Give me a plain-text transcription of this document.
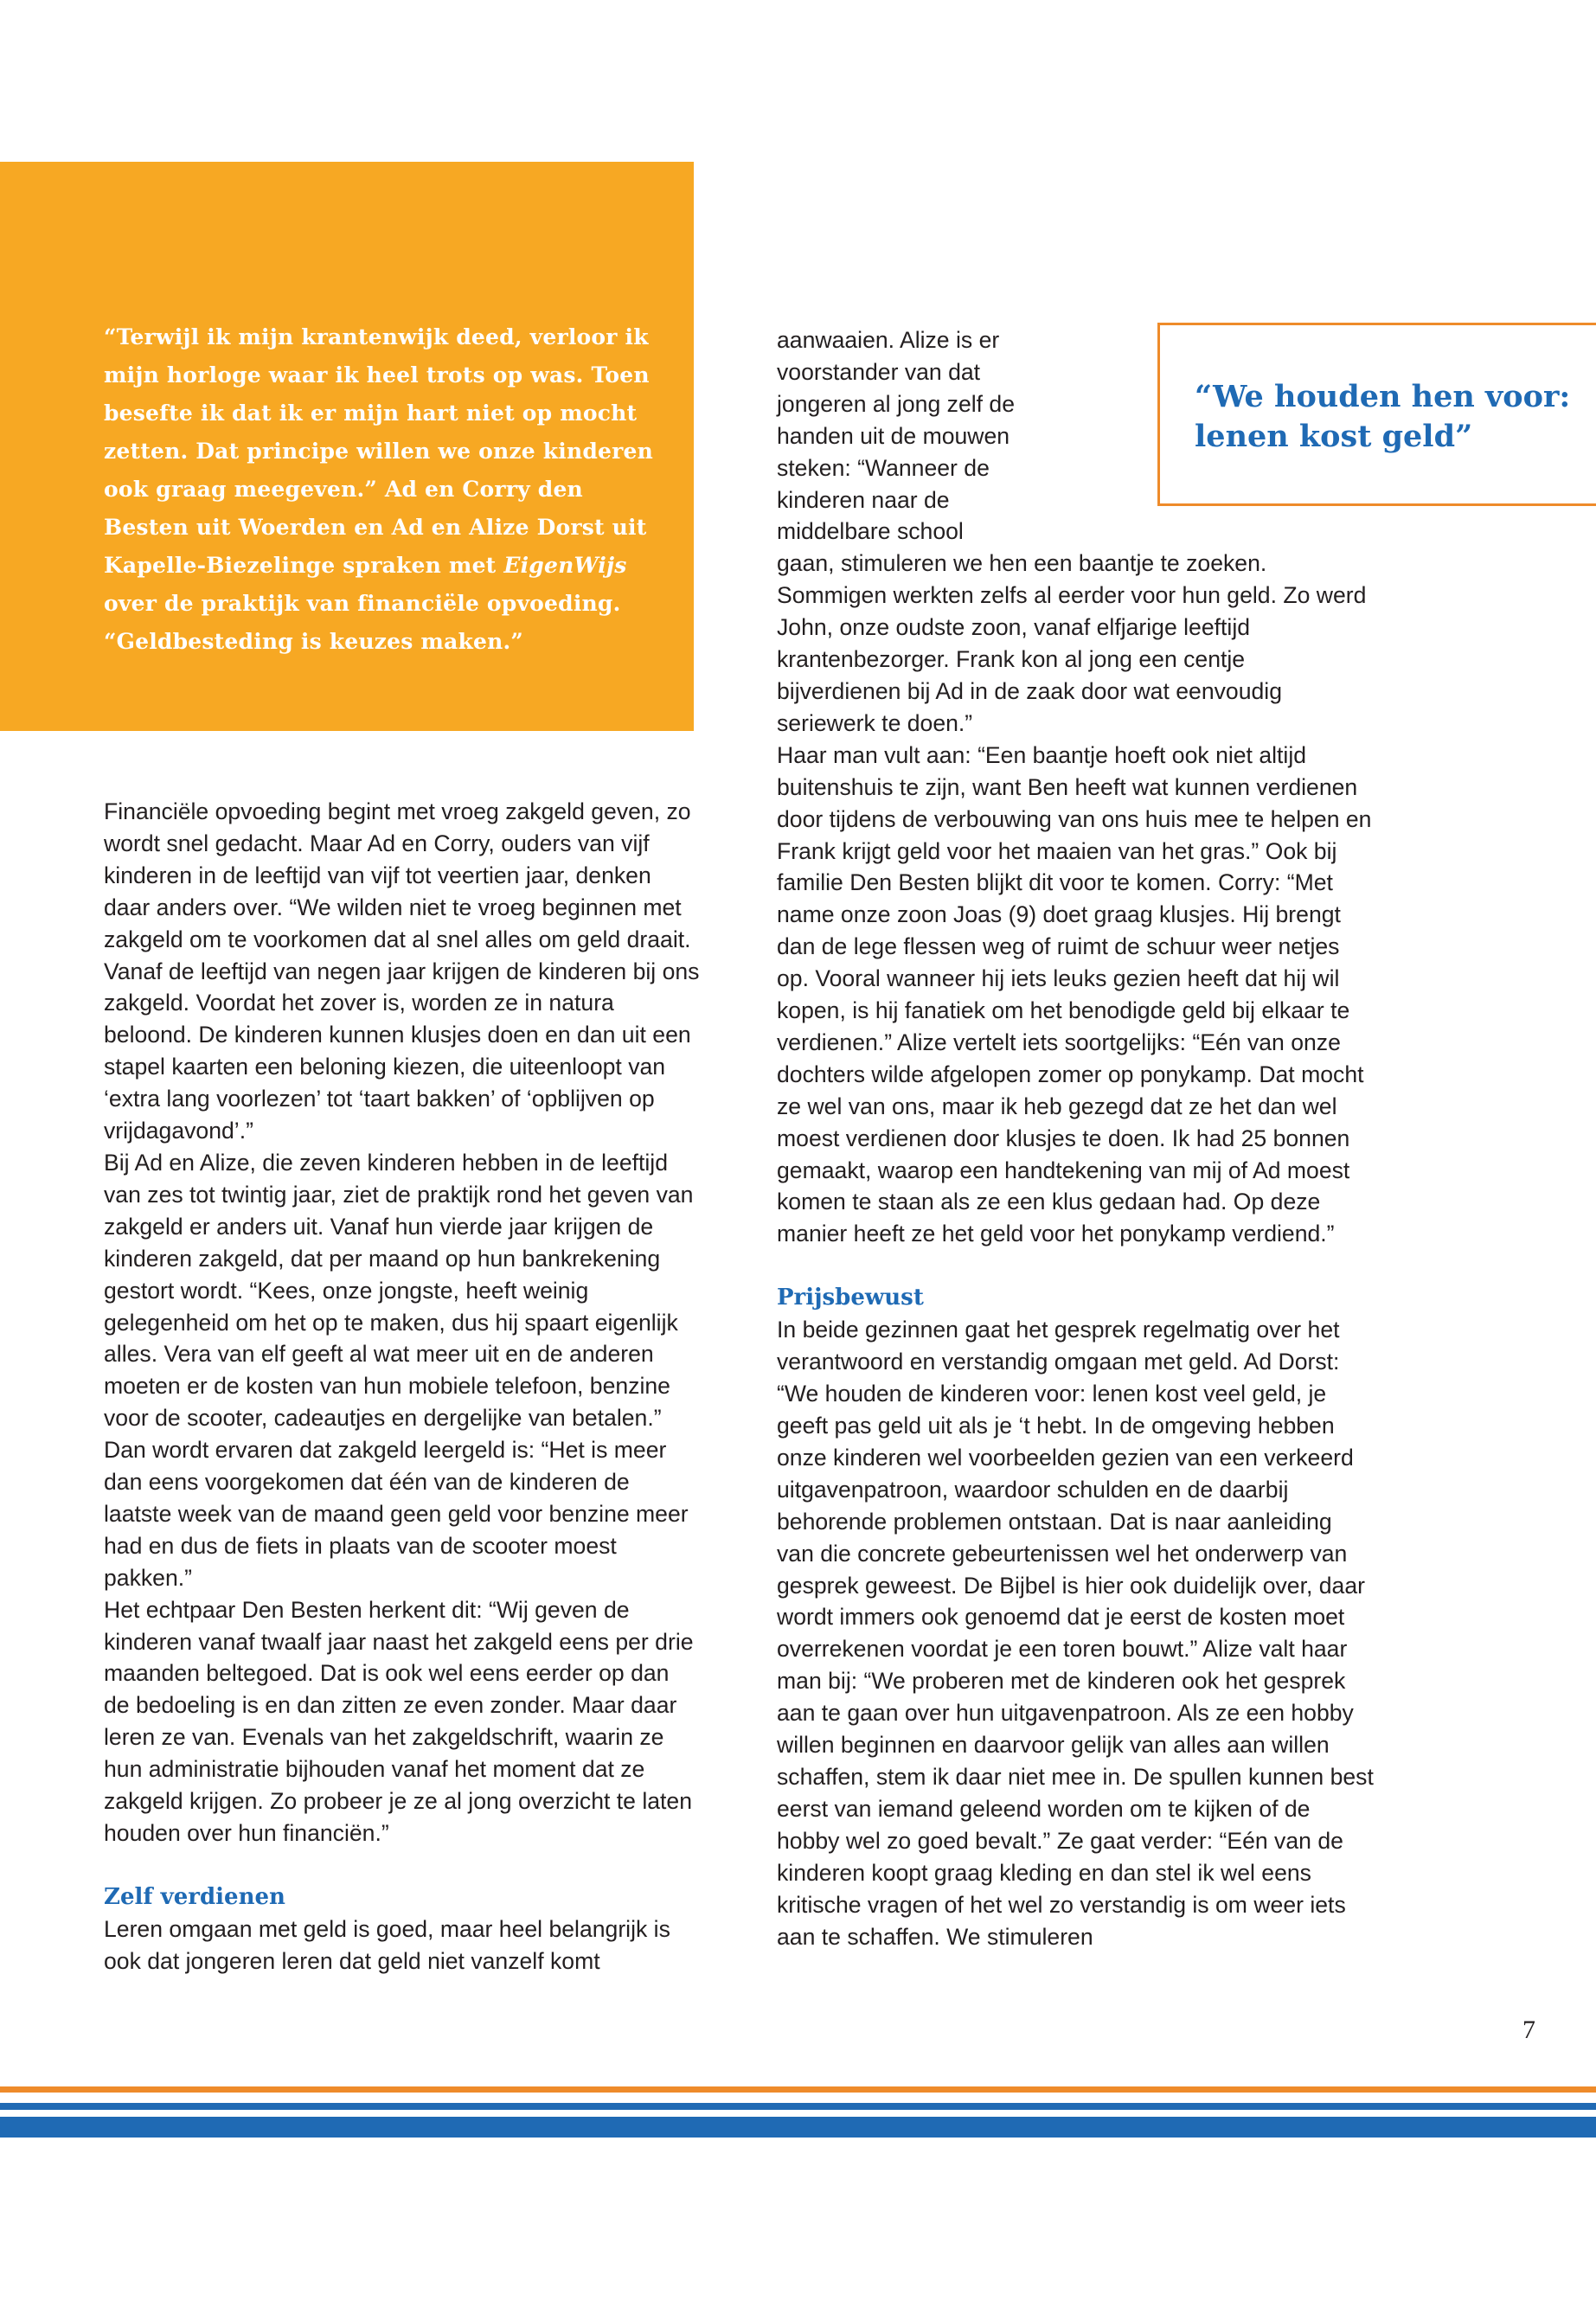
“Terwijl ik mijn krantenwijk deed, verloor ik mijn horloge waar ik heel trots op was. Toen besefte ik dat ik er mijn hart niet op mocht zetten. Dat principe willen we onze kinderen ook graag meegeven.” Ad en Corry den Besten uit Woerden en Ad en Alize Dorst uit Kapelle-Biezelinge spraken met EigenWijs over de praktijk van financiële opvoeding. “Geldbesteding is keuzes maken.”

“We houden hen voor: lenen kost geld”

Financiële opvoeding begint met vroeg zakgeld geven, zo wordt snel gedacht. Maar Ad en Corry, ouders van vijf kinderen in de leeftijd van vijf tot veertien jaar, denken daar anders over. “We wilden niet te vroeg beginnen met zakgeld om te voorkomen dat al snel alles om geld draait. Vanaf de leeftijd van negen jaar krijgen de kinderen bij ons zakgeld. Voordat het zover is, worden ze in natura beloond. De kinderen kunnen klusjes doen en dan uit een stapel kaarten een beloning kiezen, die uiteenloopt van ‘extra lang voorlezen’ tot ‘taart bakken’ of ‘opblijven op vrijdagavond’.”

Bij Ad en Alize, die zeven kinderen hebben in de leeftijd van zes tot twintig jaar, ziet de praktijk rond het geven van zakgeld er anders uit. Vanaf hun vierde jaar krijgen de kinderen zakgeld, dat per maand op hun bankrekening gestort wordt. “Kees, onze jongste, heeft weinig gelegenheid om het op te maken, dus hij spaart eigenlijk alles. Vera van elf geeft al wat meer uit en de anderen moeten er de kosten van hun mobiele telefoon, benzine voor de scooter, cadeautjes en dergelijke van betalen.” Dan wordt ervaren dat zakgeld leergeld is: “Het is meer dan eens voorgekomen dat één van de kinderen de laatste week van de maand geen geld voor benzine meer had en dus de fiets in plaats van de scooter moest pakken.”

Het echtpaar Den Besten herkent dit: “Wij geven de kinderen vanaf twaalf jaar naast het zakgeld eens per drie maanden beltegoed. Dat is ook wel eens eerder op dan de bedoeling is en dan zitten ze even zonder. Maar daar leren ze van. Evenals van het zakgeldschrift, waarin ze hun administratie bijhouden vanaf het moment dat ze zakgeld krijgen. Zo probeer je ze al jong overzicht te laten houden over hun financiën.”

Zelf verdienen

Leren omgaan met geld is goed, maar heel belangrijk is ook dat jongeren leren dat geld niet vanzelf komt

aanwaaien. Alize is er voorstander van dat jongeren al jong zelf de handen uit de mouwen steken: “Wanneer de kinderen naar de middelbare school gaan, stimuleren we hen een baantje te zoeken. Sommigen werkten zelfs al eerder voor hun geld. Zo werd John, onze oudste zoon, vanaf elfjarige leeftijd krantenbezorger. Frank kon al jong een centje bijverdienen bij Ad in de zaak door wat eenvoudig seriewerk te doen.”

Haar man vult aan: “Een baantje hoeft ook niet altijd buitenshuis te zijn, want Ben heeft wat kunnen verdienen door tijdens de verbouwing van ons huis mee te helpen en Frank krijgt geld voor het maaien van het gras.” Ook bij familie Den Besten blijkt dit voor te komen. Corry: “Met name onze zoon Joas (9) doet graag klusjes. Hij brengt dan de lege flessen weg of ruimt de schuur weer netjes op. Vooral wanneer hij iets leuks gezien heeft dat hij wil kopen, is hij fanatiek om het benodigde geld bij elkaar te verdienen.” Alize vertelt iets soortgelijks: “Eén van onze dochters wilde afgelopen zomer op ponykamp. Dat mocht ze wel van ons, maar ik heb gezegd dat ze het dan wel moest verdienen door klusjes te doen. Ik had 25 bonnen gemaakt, waarop een handtekening van mij of Ad moest komen te staan als ze een klus gedaan had. Op deze manier heeft ze het geld voor het ponykamp verdiend.”

Prijsbewust

In beide gezinnen gaat het gesprek regelmatig over het verantwoord en verstandig omgaan met geld. Ad Dorst: “We houden de kinderen voor: lenen kost veel geld, je geeft pas geld uit als je ‘t hebt. In de omgeving hebben onze kinderen wel voorbeelden gezien van een verkeerd uitgavenpatroon, waardoor schulden en de daarbij behorende problemen ontstaan. Dat is naar aanleiding van die concrete gebeurtenissen wel het onderwerp van gesprek geweest. De Bijbel is hier ook duidelijk over, daar wordt immers ook genoemd dat je eerst de kosten moet overrekenen voordat je een toren bouwt.” Alize valt haar man bij: “We proberen met de kinderen ook het gesprek aan te gaan over hun uitgavenpatroon. Als ze een hobby willen beginnen en daarvoor gelijk van alles aan willen schaffen, stem ik daar niet mee in. De spullen kunnen best eerst van iemand geleend worden om te kijken of de hobby wel zo goed bevalt.” Ze gaat verder: “Eén van de kinderen koopt graag kleding en dan stel ik wel eens kritische vragen of het wel zo verstandig is om weer iets aan te schaffen. We stimuleren

7
